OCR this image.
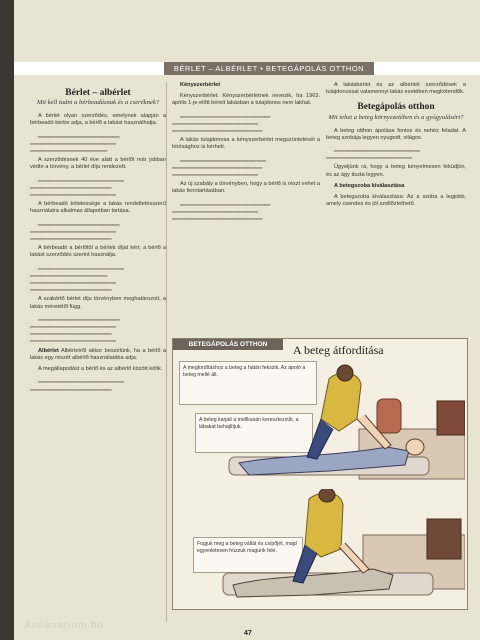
BÉRLET – ALBÉRLET • BETEGÁPOLÁS OTTHON
Bérlet – albérlet
Mit kell tudni a bérbeadásnak és a cseréknek?

A bérlet olyan szerződés, amelynek alapján a bérbeadó bérbe adja, a bérlő a lakást használhatja.

▁▁▁▁▁▁▁▁▁▁▁▁▁▁▁▁▁▁▁ ▁▁▁▁▁▁▁▁▁▁▁▁▁▁▁▁▁▁▁▁ ▁▁▁▁▁▁▁▁▁▁▁▁▁▁▁▁▁▁

A szerződésnek 40 éve alatt a bérlőt már jobban védte a törvény, a bérlet díja rendezett.

▁▁▁▁▁▁▁▁▁▁▁▁▁▁▁▁▁▁▁▁ ▁▁▁▁▁▁▁▁▁▁▁▁▁▁▁▁▁▁▁ ▁▁▁▁▁▁▁▁▁▁▁▁▁▁▁▁▁▁▁▁

A bérbeadó kötelessége a lakás rendeltetésszerű használatra alkalmas állapotban tartása.

▁▁▁▁▁▁▁▁▁▁▁▁▁▁▁▁▁▁▁ ▁▁▁▁▁▁▁▁▁▁▁▁▁▁▁▁▁▁▁▁ ▁▁▁▁▁▁▁▁▁▁▁▁▁▁▁▁▁▁▁

A bérbeadó a bérlőtől a bérleti díjat kéri; a bérlő a lakást szerződés szerint használja.

▁▁▁▁▁▁▁▁▁▁▁▁▁▁▁▁▁▁▁▁ ▁▁▁▁▁▁▁▁▁▁▁▁▁▁▁▁▁▁ ▁▁▁▁▁▁▁▁▁▁▁▁▁▁▁▁▁▁▁▁ ▁▁▁▁▁▁▁▁▁▁▁▁▁▁▁▁▁▁▁

A szakértő bérlet díja törvényben meghatározott, a lakás méretétől függ.

▁▁▁▁▁▁▁▁▁▁▁▁▁▁▁▁▁▁▁ ▁▁▁▁▁▁▁▁▁▁▁▁▁▁▁▁▁▁▁▁ ▁▁▁▁▁▁▁▁▁▁▁▁▁▁▁▁▁▁▁ ▁▁▁▁▁▁▁▁▁▁▁▁▁▁▁▁▁▁▁▁

Albérlet Albérletről akkor beszélünk, ha a bérlő a lakás egy részét albérlő használatába adja.

A megállapodást a bérlő és az albérlő között kötik.

▁▁▁▁▁▁▁▁▁▁▁▁▁▁▁▁▁▁▁▁ ▁▁▁▁▁▁▁▁▁▁▁▁▁▁▁▁▁▁▁

Kényszerbérlet

Kényszerbérlet: Kényszerbérletnek nevezik, ha 1963. április 1-je előtt bérelt lakásban a tulajdonos nem lakhat.

▁▁▁▁▁▁▁▁▁▁▁▁▁▁▁▁▁▁▁▁▁ ▁▁▁▁▁▁▁▁▁▁▁▁▁▁▁▁▁▁▁▁ ▁▁▁▁▁▁▁▁▁▁▁▁▁▁▁▁▁▁▁▁▁

A lakás tulajdonosa a kényszerbérlet megszüntetését a bírósághoz is kérheti.

▁▁▁▁▁▁▁▁▁▁▁▁▁▁▁▁▁▁▁▁ ▁▁▁▁▁▁▁▁▁▁▁▁▁▁▁▁▁▁▁▁▁ ▁▁▁▁▁▁▁▁▁▁▁▁▁▁▁▁▁▁▁▁

Az új szabály a törvényben, hogy a bérlő is részt vehet a lakás fenntartásában.

▁▁▁▁▁▁▁▁▁▁▁▁▁▁▁▁▁▁▁▁▁ ▁▁▁▁▁▁▁▁▁▁▁▁▁▁▁▁▁▁▁▁ ▁▁▁▁▁▁▁▁▁▁▁▁▁▁▁▁▁▁▁▁▁

A lakásbérlet és az albérleti szerződések a tulajdonossal valamennyi lakás esetében megkötendők.

Betegápolás otthon
Mit tehet a beteg környezetében és a gyógyulásért?

A beteg otthon ápolása fontos és nehéz feladat. A beteg szobája legyen nyugodt, világos.

▁▁▁▁▁▁▁▁▁▁▁▁▁▁▁▁▁▁▁▁ ▁▁▁▁▁▁▁▁▁▁▁▁▁▁▁▁▁▁▁▁

Ügyeljünk rá, hogy a beteg kényelmesen feküdjön, és az ágy tiszta legyen.

A betegszoba kiválasztása

A betegszoba kiválasztása: Az a szoba a legjobb, amely csendes és jól szellőztethető.

BETEGÁPOLÁS OTTHON	A beteg átfordítása
A megfordításhoz a beteg a hátán fekszik. Az ápoló a beteg mellé áll.
A beteg karjait a mellkasán keresztezzük, a lábakat behajlítjuk.
Fogjuk meg a beteg vállát és csípőjét, majd egyenletesen húzzuk magunk felé.
47
Antikvarium.hu
